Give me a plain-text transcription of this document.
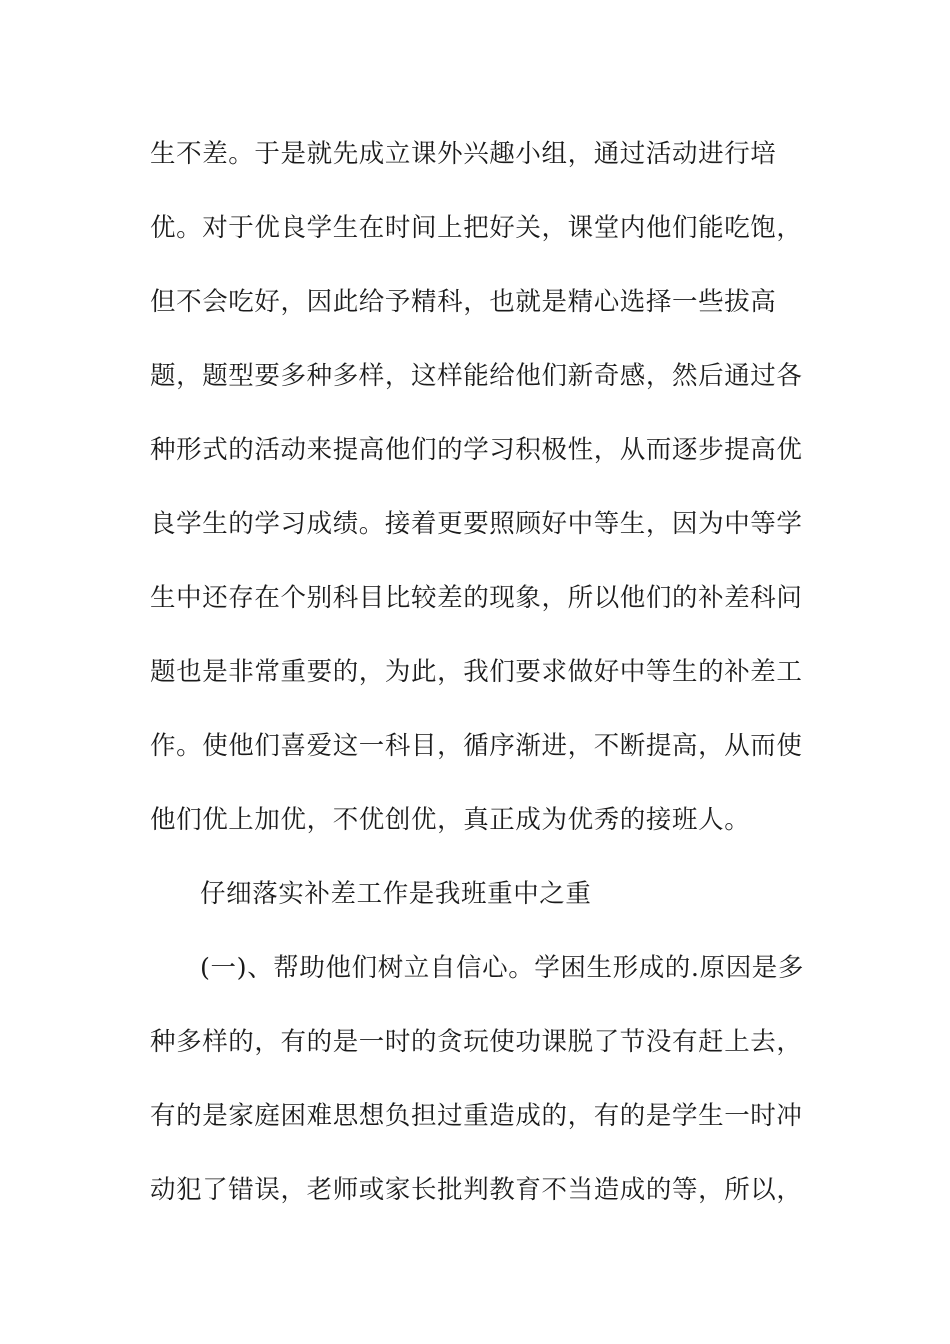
生不差。于是就先成立课外兴趣小组，通过活动进行培
优。对于优良学生在时间上把好关，课堂内他们能吃饱，
但不会吃好，因此给予精科，也就是精心选择一些拔高
题，题型要多种多样，这样能给他们新奇感，然后通过各
种形式的活动来提高他们的学习积极性，从而逐步提高优
良学生的学习成绩。接着更要照顾好中等生，因为中等学
生中还存在个别科目比较差的现象，所以他们的补差科问
题也是非常重要的，为此，我们要求做好中等生的补差工
作。使他们喜爱这一科目，循序渐进，不断提高，从而使
他们优上加优，不优创优，真正成为优秀的接班人。
仔细落实补差工作是我班重中之重
(一)、帮助他们树立自信心。学困生形成的.原因是多
种多样的，有的是一时的贪玩使功课脱了节没有赶上去，
有的是家庭困难思想负担过重造成的，有的是学生一时冲
动犯了错误，老师或家长批判教育不当造成的等，所以，
